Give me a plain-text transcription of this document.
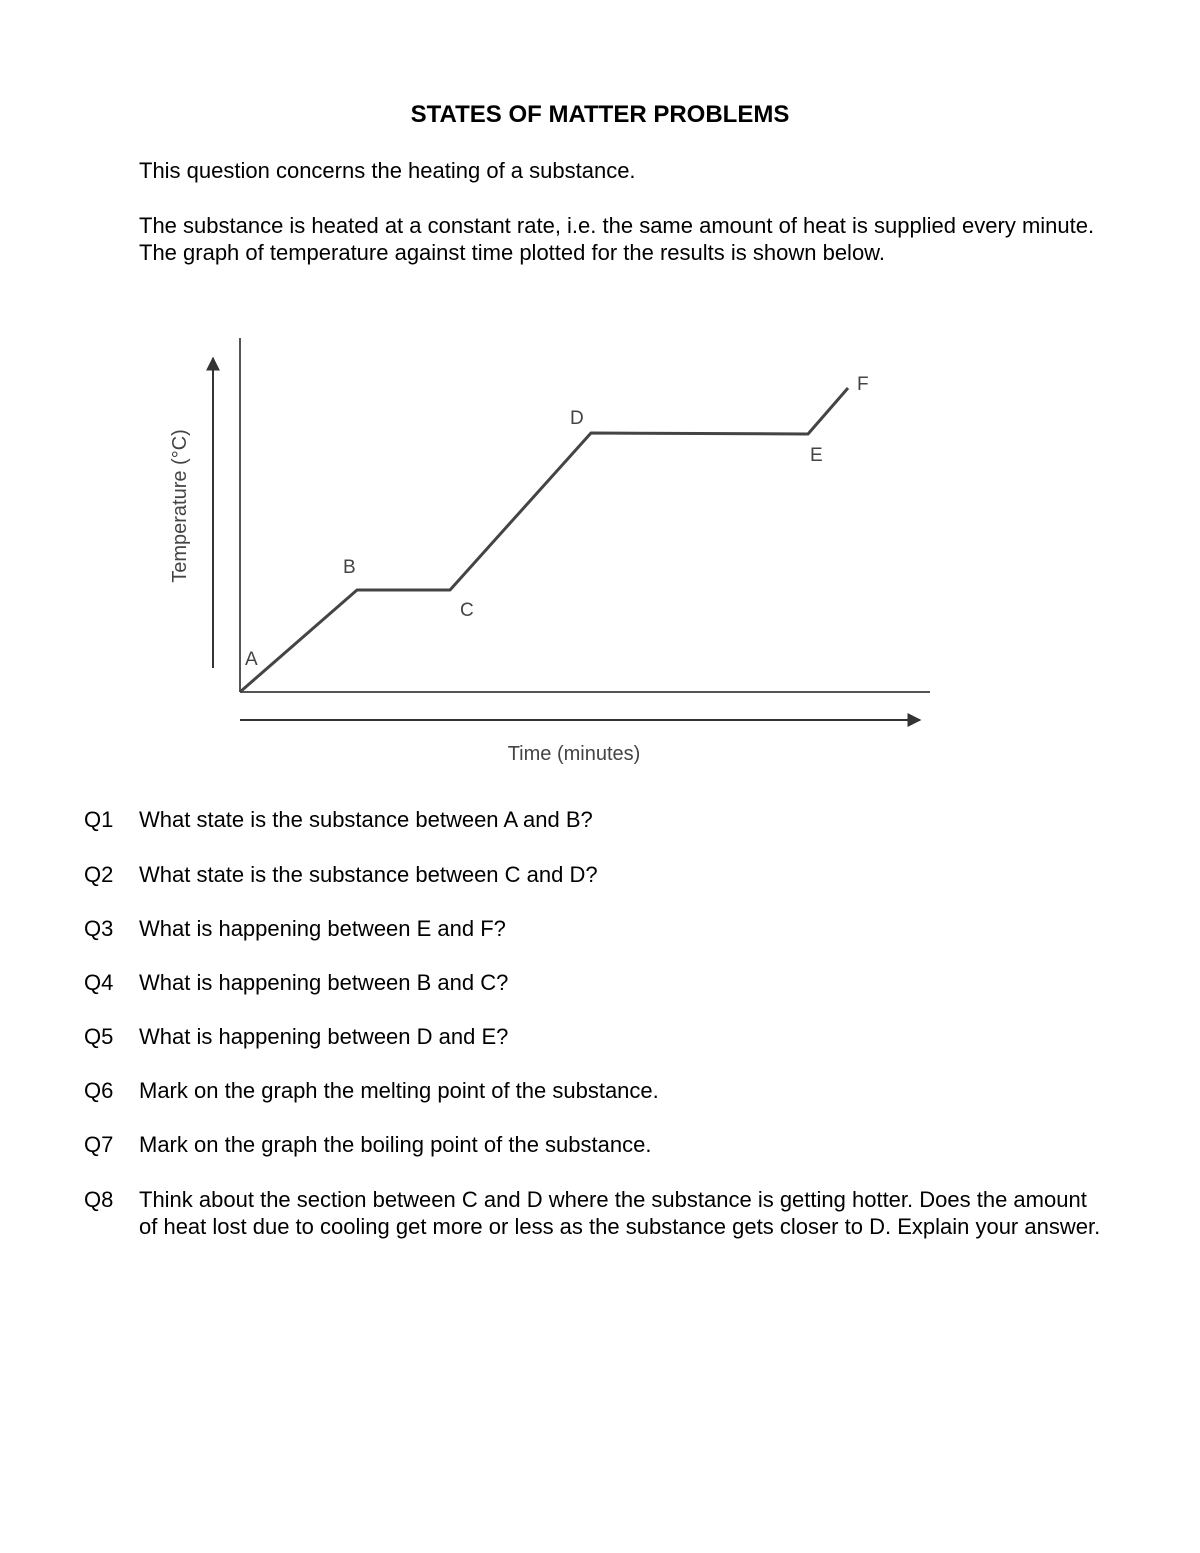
STATES OF MATTER PROBLEMS
This question concerns the heating of a substance.
The substance is heated at a constant rate, i.e. the same amount of heat is supplied every minute. The graph of temperature against time plotted for the results is shown below.
A
B
C
D
E
F
Temperature (°C)
Time (minutes)
Q1 What state is the substance between A and B?
Q2 What state is the substance between C and D?
Q3 What is happening between E and F?
Q4 What is happening between B and C?
Q5 What is happening between D and E?
Q6 Mark on the graph the melting point of the substance.
Q7 Mark on the graph the boiling point of the substance.
Q8 Think about the section between C and D where the substance is getting hotter. Does the amount of heat lost due to cooling get more or less as the substance gets closer to D. Explain your answer.
